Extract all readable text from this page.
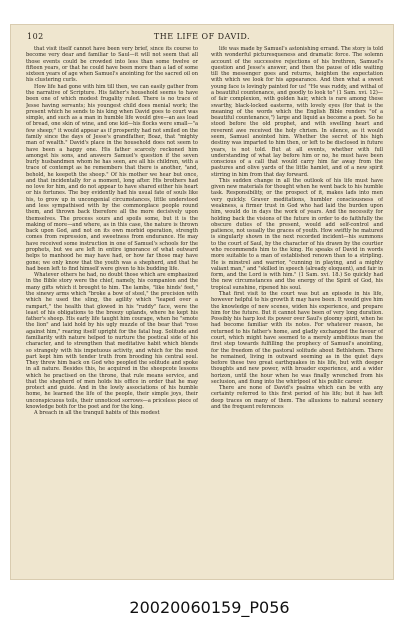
102	THE LIFE OF DAVID.

that visit itself cannot have been very brief, since its course to become very dear and familiar to Saul—it will not seem that all those events could be crowded into less than some twelve or fifteen years, or that he could have been more than a lad of some sixteen years of age when Samuel's anointing for the sacred oil on his clustering curls.

How life had gone with him till then, we can easily gather from the narrative of Scripture. His father's household seems to have been one of which modest frugality ruled. There is no trace of Jesse having servants; his youngest child does menial work; the present which he sends to his king when David goes to court was simple, and such as a man in humble life would give—an ass load of bread, one skin of wine, and one kid—his flocks were small—"a few sheep;" it would appear as if prosperity had not smiled on the family since the days of Jesse's grandfather, Boaz, that "mighty man of wealth." David's place in the household does not seem to have been a happy one. His father scarcely reckoned him amongst his sons, and answers Samuel's question if the seven burly husbandmen whom he has seen, are all his children, with a trace of contempt as he remembers that there is another, "and, behold, he keepeth the sheep." Of his mother we hear but once, and that incidentally for a moment, long after. His brothers had no love for him, and do not appear to have shared either his heart or his fortunes. The boy evidently had his usual fate of souls like his, to grow up in uncongenial circumstances, little understood and less sympathised with by the commonplace people round them, and thrown back therefore all the more decisively upon themselves. The process sours and spoils some, but it is the making of more—and where, as in this case, the nature is thrown back upon God, and not on its own morbid operation, strength comes from repression, and sweetness from endurance. He may have received some instruction in one of Samuel's schools for the prophets, but we are left in entire ignorance of what outward helps to manhood he may have had, or how far those may have gone; we only know that the youth was a shepherd, and that he had been left to find himself were given to his budding life.

Whatever others he had, no doubt those which are emphasized in the Bible story were the chief, namely, his companion and the many gifts which it brought to him. The lambs, "like hinds' feet," the sinewy arms which "broke a bow of steel," the precision with which he used the sling, the agility which "leaped over a rampart," the health that glowed in his "ruddy" face, were the least of his obligations to the breezy uplands, where he kept his father's sheep. His early life taught him courage, when he "smote the lion" and laid hold by his ugly muzzle of the bear that "rose against him," rearing itself upright for the fatal hug. Solitude and familiarity with nature helped to nurture the poetical side of his character, and to strengthen that meditative habit which blends so strangely with his impetuous activity, and which for the most part kept him with tender truth from brooding his central soul. They threw him back on God who peopled the solitude and spoke in all nature. Besides this, he acquired in the sheepcote lessons which he practised on the throne, that rule means service, and that the shepherd of men holds his office in order that he may protect and guide. And in the lowly associations of his humble home, he learned the life of the people, their simple joys, their unconspicuous toils, their unnoticed sorrows—a priceless piece of knowledge both for the poet and for the king.

A breach in all the tranquil habits of this modest

life was made by Samuel's astonishing errand. The story is told with wonderful picturesqueness and dramatic force. The solemn account of the successive rejections of his brethren, Samuel's question and Jesse's answer, and then the pause of idle waiting till the messenger goes and returns, heighten the expectation with which we look for his appearance. And then what a sweet young face is lovingly painted for us! "He was ruddy, and withal of a beautiful countenance, and goodly to look to" (1 Sam. xvi. 12)—of fair complexion, with golden hair, which is rare among these swarthy, black-locked easterns, with lovely eyes (for that is the meaning of the words which the English Bible renders "of a beautiful countenance,") large and liquid as become a poet. So he stood before the old prophet, and with swelling heart and reverent awe received the holy chrism. In silence, as it would seem, Samuel anointed him. Whether the secret of his high destiny was imparted to him then, or left to be disclosed in future years, is not told. But at all events, whether with full understanding of what lay before him or no, he must have been conscious of a call that would carry him far away from the pastures and olive yards of the little hamlet, and of a new spirit stirring in him from that day forward.

This sudden change in all the outlook of his life must have given new materials for thought when he went back to his humble task. Responsibility, or the prospect of it, makes lads into men very quickly. Graver meditations, humbler consciousness of weakness, a firmer trust in God who had laid the burden upon him, would do in days the work of years. And the necessity for holding back the visions of the future in order to do faithfully the obscure duties of the present, would add self-control and patience, not usually the graces of youth. How swiftly he matured is singularly shown in the next recorded incident—his summons to the court of Saul, by the character of his drawn by the courtier who recommends him to the king. He speaks of David in words more suitable to a man of established renown than to a stripling. He is minstrel and warrior, "cunning in playing, and a mighty valiant man," and "skilled in speech (already eloquent), and fair in form, and the Lord is with him." (1 Sam. xvi. 18.) So quickly had the new circumstances and the energy of the Spirit of God, his tropical sunshine, ripened his soul.

That first visit to the court was but an episode in his life, however helpful to his growth it may have been. It would give him the knowledge of new scenes, widen his experience, and prepare him for the future. But it cannot have been of very long duration. Possibly his harp lost its power over Saul's gloomy spirit, when he had become familiar with its notes. For whatever reason, he returned to his father's home, and gladly exchanged the favour of court, which might have seemed to a merely ambitious man the first step towards fulfilling the prophecy of Samuel's anointing, for the freedom of the pastoral solitude about Bethlehem. There he remained, living in outward seeming as in the quiet days before these two great earthquakes in his life, but with deeper thoughts and new power, with broader experience, and a wider horizon, until the hour when he was finally wrenched from his seclusion, and flung into the whirlpool of his public career.

There are none of David's psalms which can be with any certainty referred to this first period of his life; but it has left deep traces on many of them. The allusions to natural scenery and the frequent references

20020060159_P056
